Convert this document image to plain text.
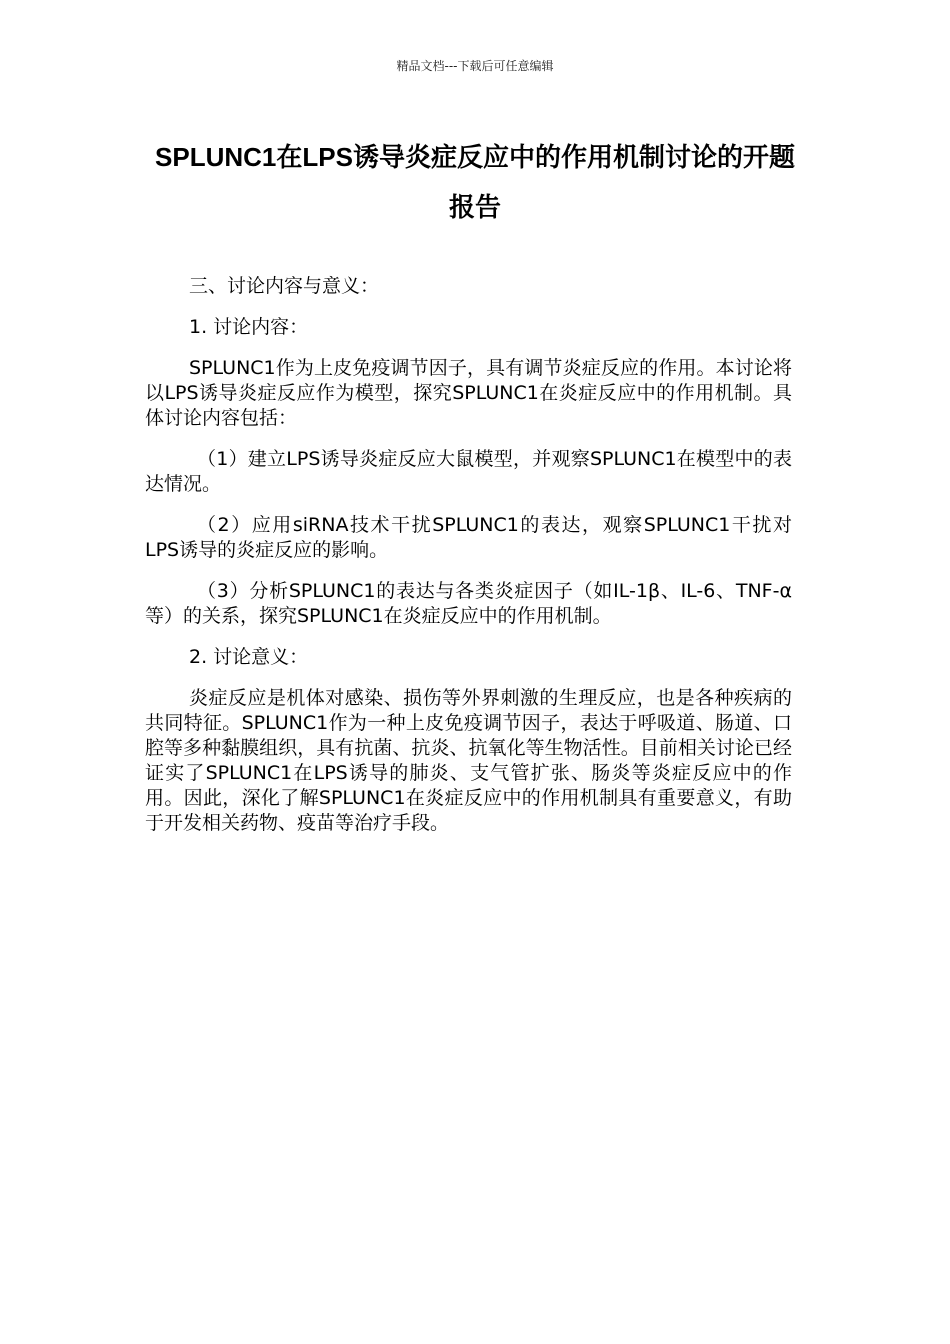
精品文档---下载后可任意编辑
SPLUNC1在LPS诱导炎症反应中的作用机制讨论的开题报告

三、讨论内容与意义：

1. 讨论内容：

SPLUNC1作为上皮免疫调节因子，具有调节炎症反应的作用。本讨论将以LPS诱导炎症反应作为模型，探究SPLUNC1在炎症反应中的作用机制。具体讨论内容包括：

（1）建立LPS诱导炎症反应大鼠模型，并观察SPLUNC1在模型中的表达情况。

（2）应用siRNA技术干扰SPLUNC1的表达，观察SPLUNC1干扰对LPS诱导的炎症反应的影响。

（3）分析SPLUNC1的表达与各类炎症因子（如IL-1β、IL-6、TNF-α等）的关系，探究SPLUNC1在炎症反应中的作用机制。

2. 讨论意义：

炎症反应是机体对感染、损伤等外界刺激的生理反应，也是各种疾病的共同特征。SPLUNC1作为一种上皮免疫调节因子，表达于呼吸道、肠道、口腔等多种黏膜组织，具有抗菌、抗炎、抗氧化等生物活性。目前相关讨论已经证实了SPLUNC1在LPS诱导的肺炎、支气管扩张、肠炎等炎症反应中的作用。因此，深化了解SPLUNC1在炎症反应中的作用机制具有重要意义，有助于开发相关药物、疫苗等治疗手段。
